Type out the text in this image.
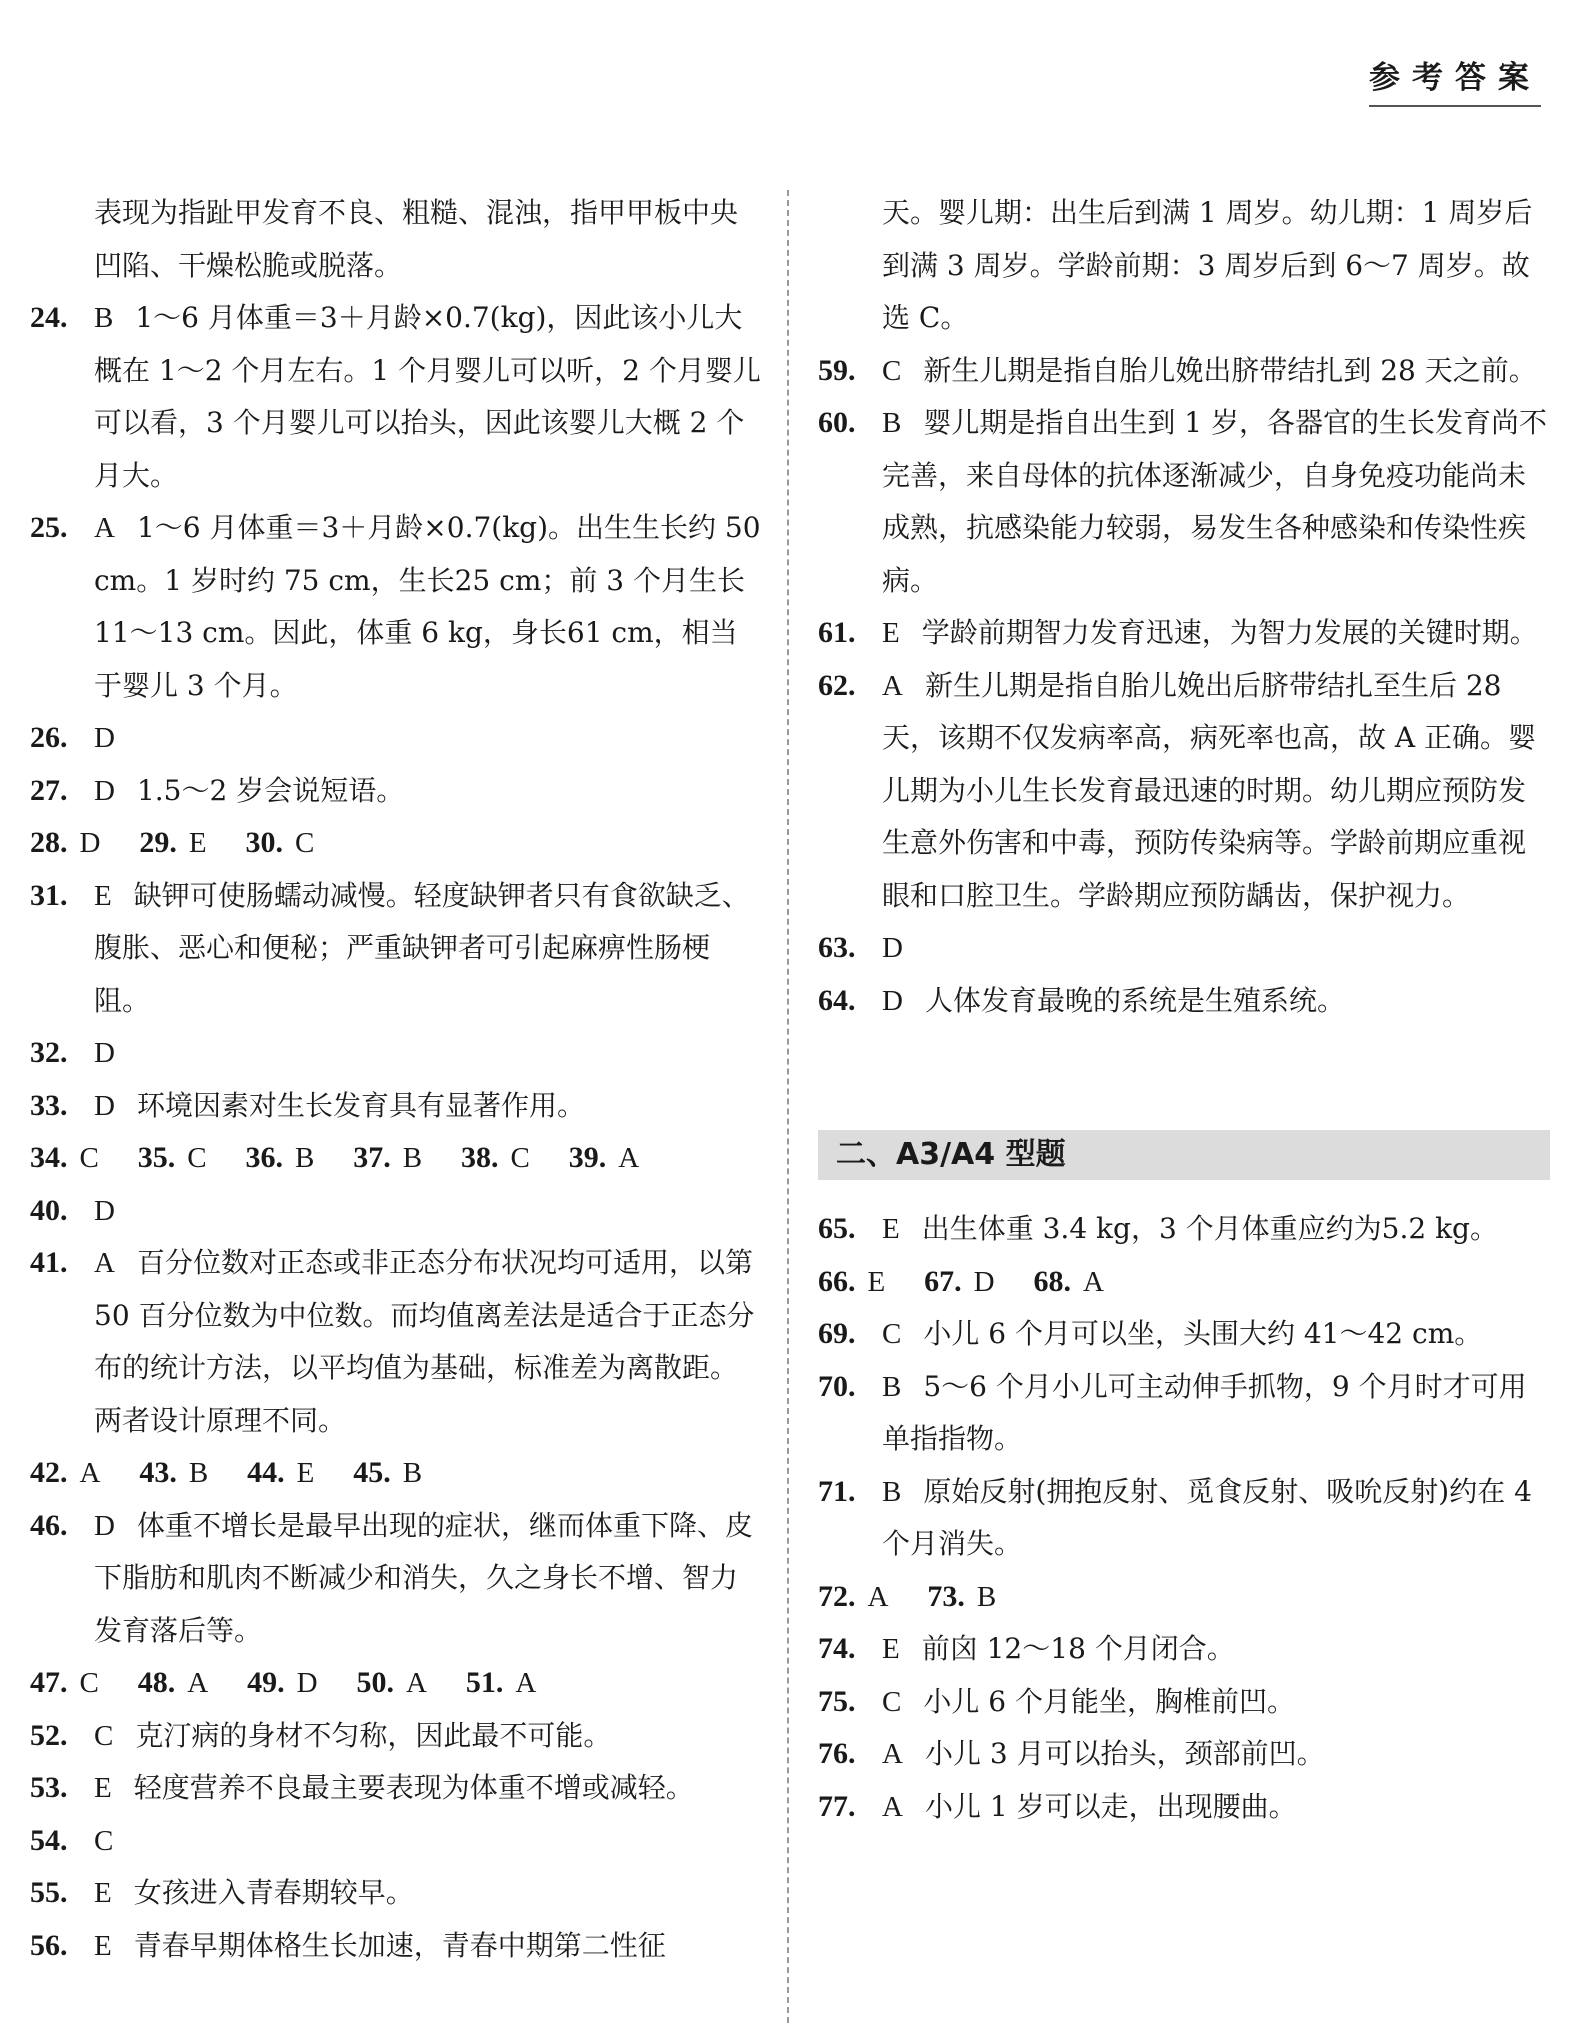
参考答案
表现为指趾甲发育不良、粗糙、混浊，指甲甲板中央凹陷、干燥松脆或脱落。
24. B 1～6 月体重＝3＋月龄×0.7(kg)，因此该小儿大概在 1～2 个月左右。1 个月婴儿可以听，2 个月婴儿可以看，3 个月婴儿可以抬头，因此该婴儿大概 2 个月大。
25. A 1～6 月体重＝3＋月龄×0.7(kg)。出生生长约 50 cm。1 岁时约 75 cm，生长25 cm；前 3 个月生长 11～13 cm。因此，体重 6 kg，身长61 cm，相当于婴儿 3 个月。
26. D
27. D 1.5～2 岁会说短语。
28. D 29. E 30. C
31. E 缺钾可使肠蠕动减慢。轻度缺钾者只有食欲缺乏、腹胀、恶心和便秘；严重缺钾者可引起麻痹性肠梗阻。
32. D
33. D 环境因素对生长发育具有显著作用。
34. C 35. C 36. B 37. B 38. C 39. A
40. D
41. A 百分位数对正态或非正态分布状况均可适用，以第 50 百分位数为中位数。而均值离差法是适合于正态分布的统计方法，以平均值为基础，标准差为离散距。两者设计原理不同。
42. A 43. B 44. E 45. B
46. D 体重不增长是最早出现的症状，继而体重下降、皮下脂肪和肌肉不断减少和消失，久之身长不增、智力发育落后等。
47. C 48. A 49. D 50. A 51. A
52. C 克汀病的身材不匀称，因此最不可能。
53. E 轻度营养不良最主要表现为体重不增或减轻。
54. C
55. E 女孩进入青春期较早。
56. E 青春早期体格生长加速，青春中期第二性征
天。婴儿期：出生后到满 1 周岁。幼儿期：1 周岁后到满 3 周岁。学龄前期：3 周岁后到 6～7 周岁。故选 C。
59. C 新生儿期是指自胎儿娩出脐带结扎到 28 天之前。
60. B 婴儿期是指自出生到 1 岁，各器官的生长发育尚不完善，来自母体的抗体逐渐减少，自身免疫功能尚未成熟，抗感染能力较弱，易发生各种感染和传染性疾病。
61. E 学龄前期智力发育迅速，为智力发展的关键时期。
62. A 新生儿期是指自胎儿娩出后脐带结扎至生后 28 天，该期不仅发病率高，病死率也高，故 A 正确。婴儿期为小儿生长发育最迅速的时期。幼儿期应预防发生意外伤害和中毒，预防传染病等。学龄前期应重视眼和口腔卫生。学龄期应预防龋齿，保护视力。
63. D
64. D 人体发育最晚的系统是生殖系统。
二、A3/A4 型题
65. E 出生体重 3.4 kg，3 个月体重应约为5.2 kg。
66. E 67. D 68. A
69. C 小儿 6 个月可以坐，头围大约 41～42 cm。
70. B 5～6 个月小儿可主动伸手抓物，9 个月时才可用单指指物。
71. B 原始反射(拥抱反射、觅食反射、吸吮反射)约在 4 个月消失。
72. A 73. B
74. E 前囟 12～18 个月闭合。
75. C 小儿 6 个月能坐，胸椎前凹。
76. A 小儿 3 月可以抬头，颈部前凹。
77. A 小儿 1 岁可以走，出现腰曲。
